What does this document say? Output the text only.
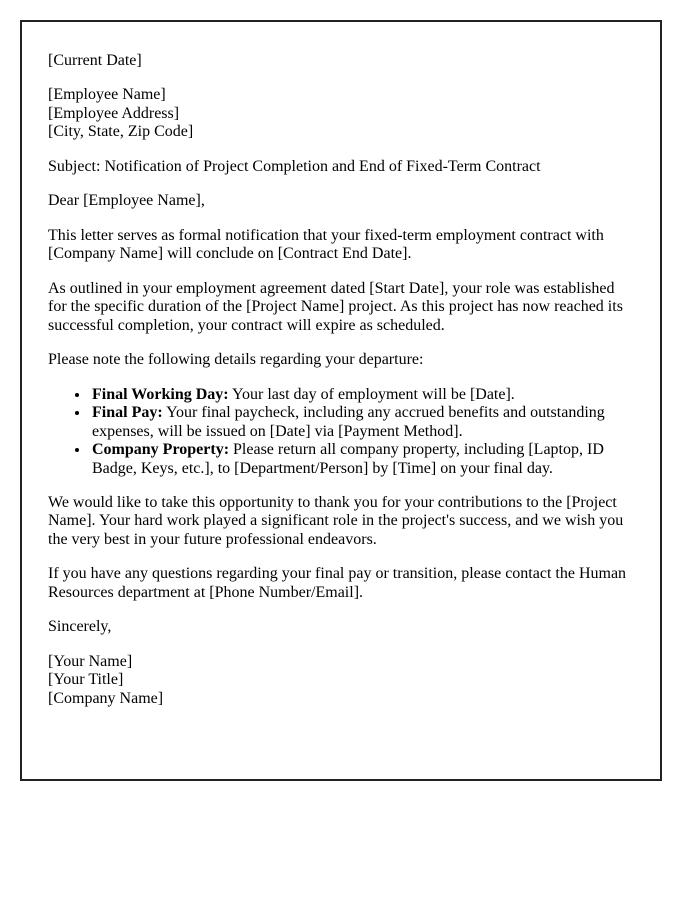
[Current Date]

[Employee Name]
[Employee Address]
[City, State, Zip Code]

Subject: Notification of Project Completion and End of Fixed-Term Contract

Dear [Employee Name],

This letter serves as formal notification that your fixed-term employment contract with [Company Name] will conclude on [Contract End Date].

As outlined in your employment agreement dated [Start Date], your role was established for the specific duration of the [Project Name] project. As this project has now reached its successful completion, your contract will expire as scheduled.

Please note the following details regarding your departure:

• Final Working Day: Your last day of employment will be [Date].
• Final Pay: Your final paycheck, including any accrued benefits and outstanding expenses, will be issued on [Date] via [Payment Method].
• Company Property: Please return all company property, including [Laptop, ID Badge, Keys, etc.], to [Department/Person] by [Time] on your final day.

We would like to take this opportunity to thank you for your contributions to the [Project Name]. Your hard work played a significant role in the project's success, and we wish you the very best in your future professional endeavors.

If you have any questions regarding your final pay or transition, please contact the Human Resources department at [Phone Number/Email].

Sincerely,

[Your Name]
[Your Title]
[Company Name]
